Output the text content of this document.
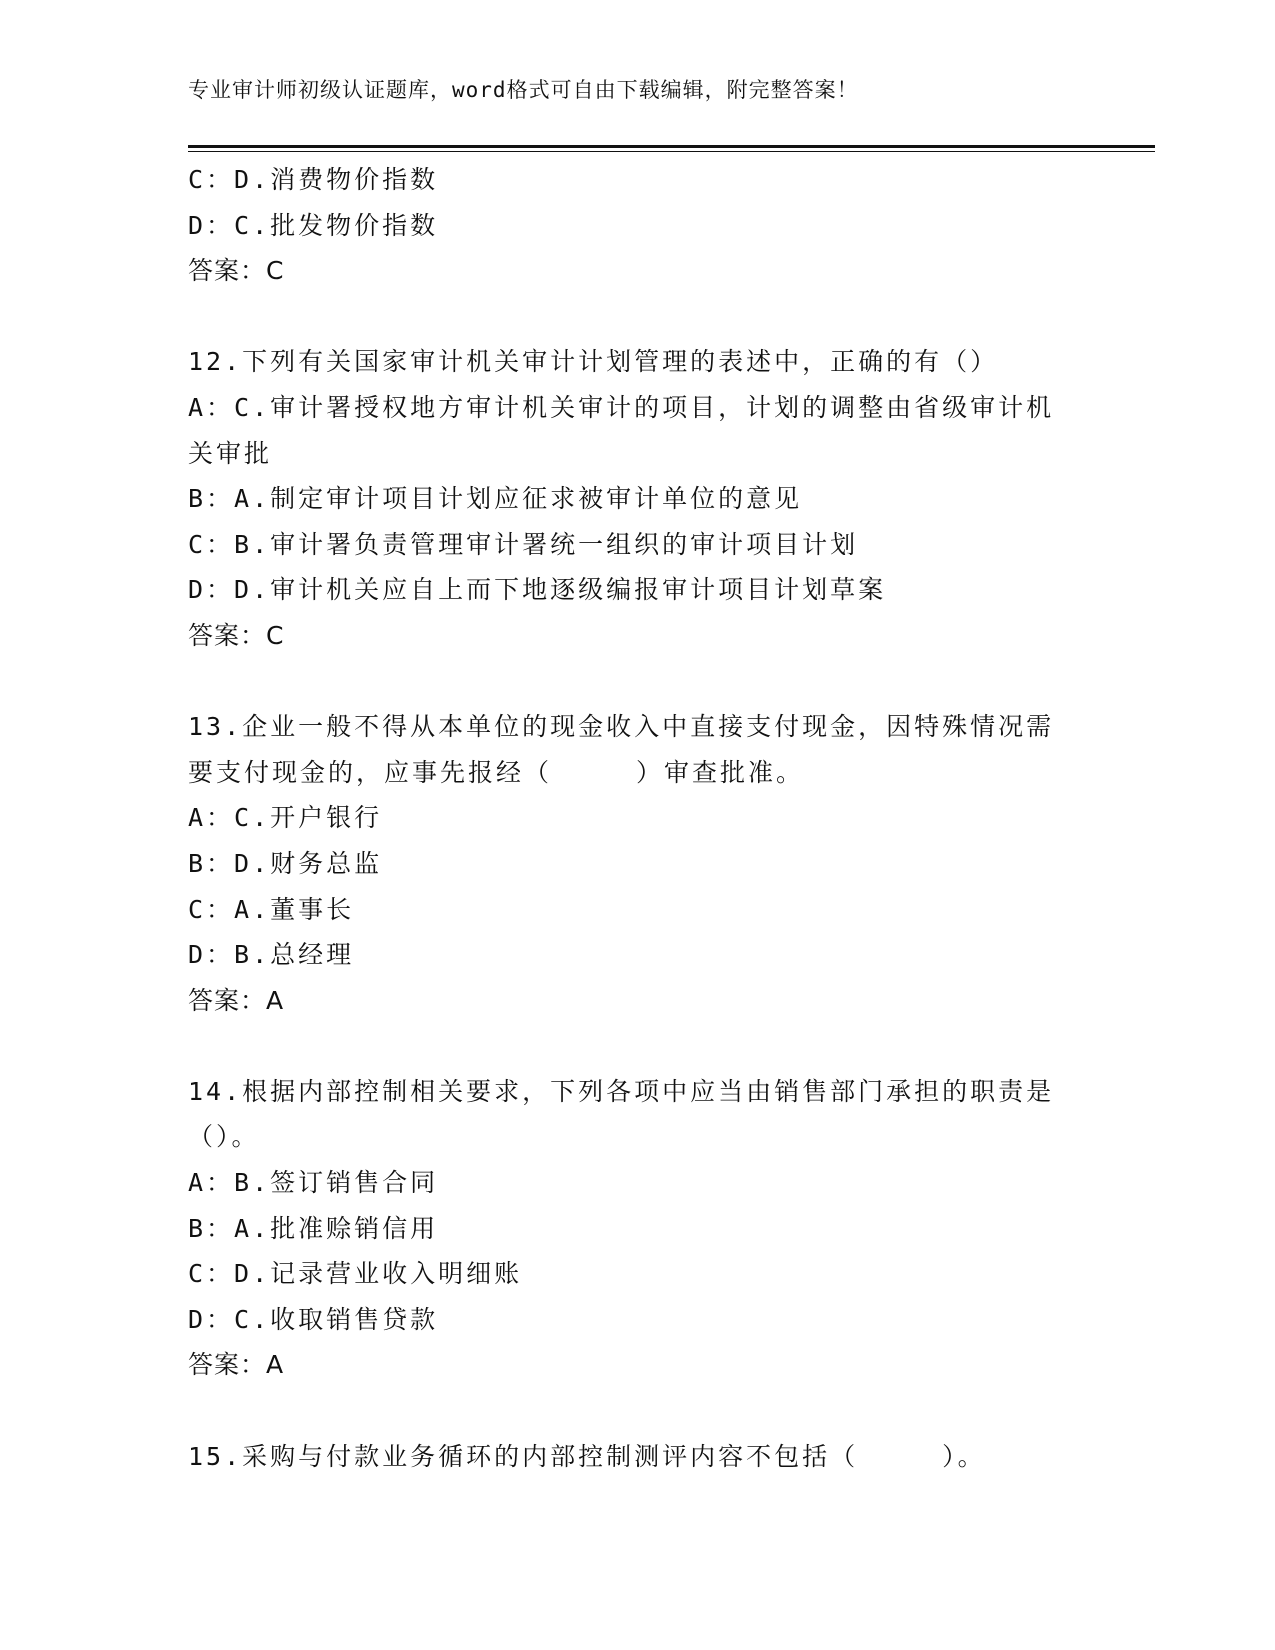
专业审计师初级认证题库，word格式可自由下载编辑，附完整答案！
C：D.消费物价指数
D：C.批发物价指数
答案：C
12.下列有关国家审计机关审计计划管理的表述中，正确的有（）
A：C.审计署授权地方审计机关审计的项目，计划的调整由省级审计机
关审批
B：A.制定审计项目计划应征求被审计单位的意见
C：B.审计署负责管理审计署统一组织的审计项目计划
D：D.审计机关应自上而下地逐级编报审计项目计划草案
答案：C
13.企业一般不得从本单位的现金收入中直接支付现金，因特殊情况需
要支付现金的，应事先报经（　　　）审查批准。
A：C.开户银行
B：D.财务总监
C：A.董事长
D：B.总经理
答案：A
14.根据内部控制相关要求，下列各项中应当由销售部门承担的职责是
（）。
A：B.签订销售合同
B：A.批准赊销信用
C：D.记录营业收入明细账
D：C.收取销售贷款
答案：A
15.采购与付款业务循环的内部控制测评内容不包括（　　　）。
